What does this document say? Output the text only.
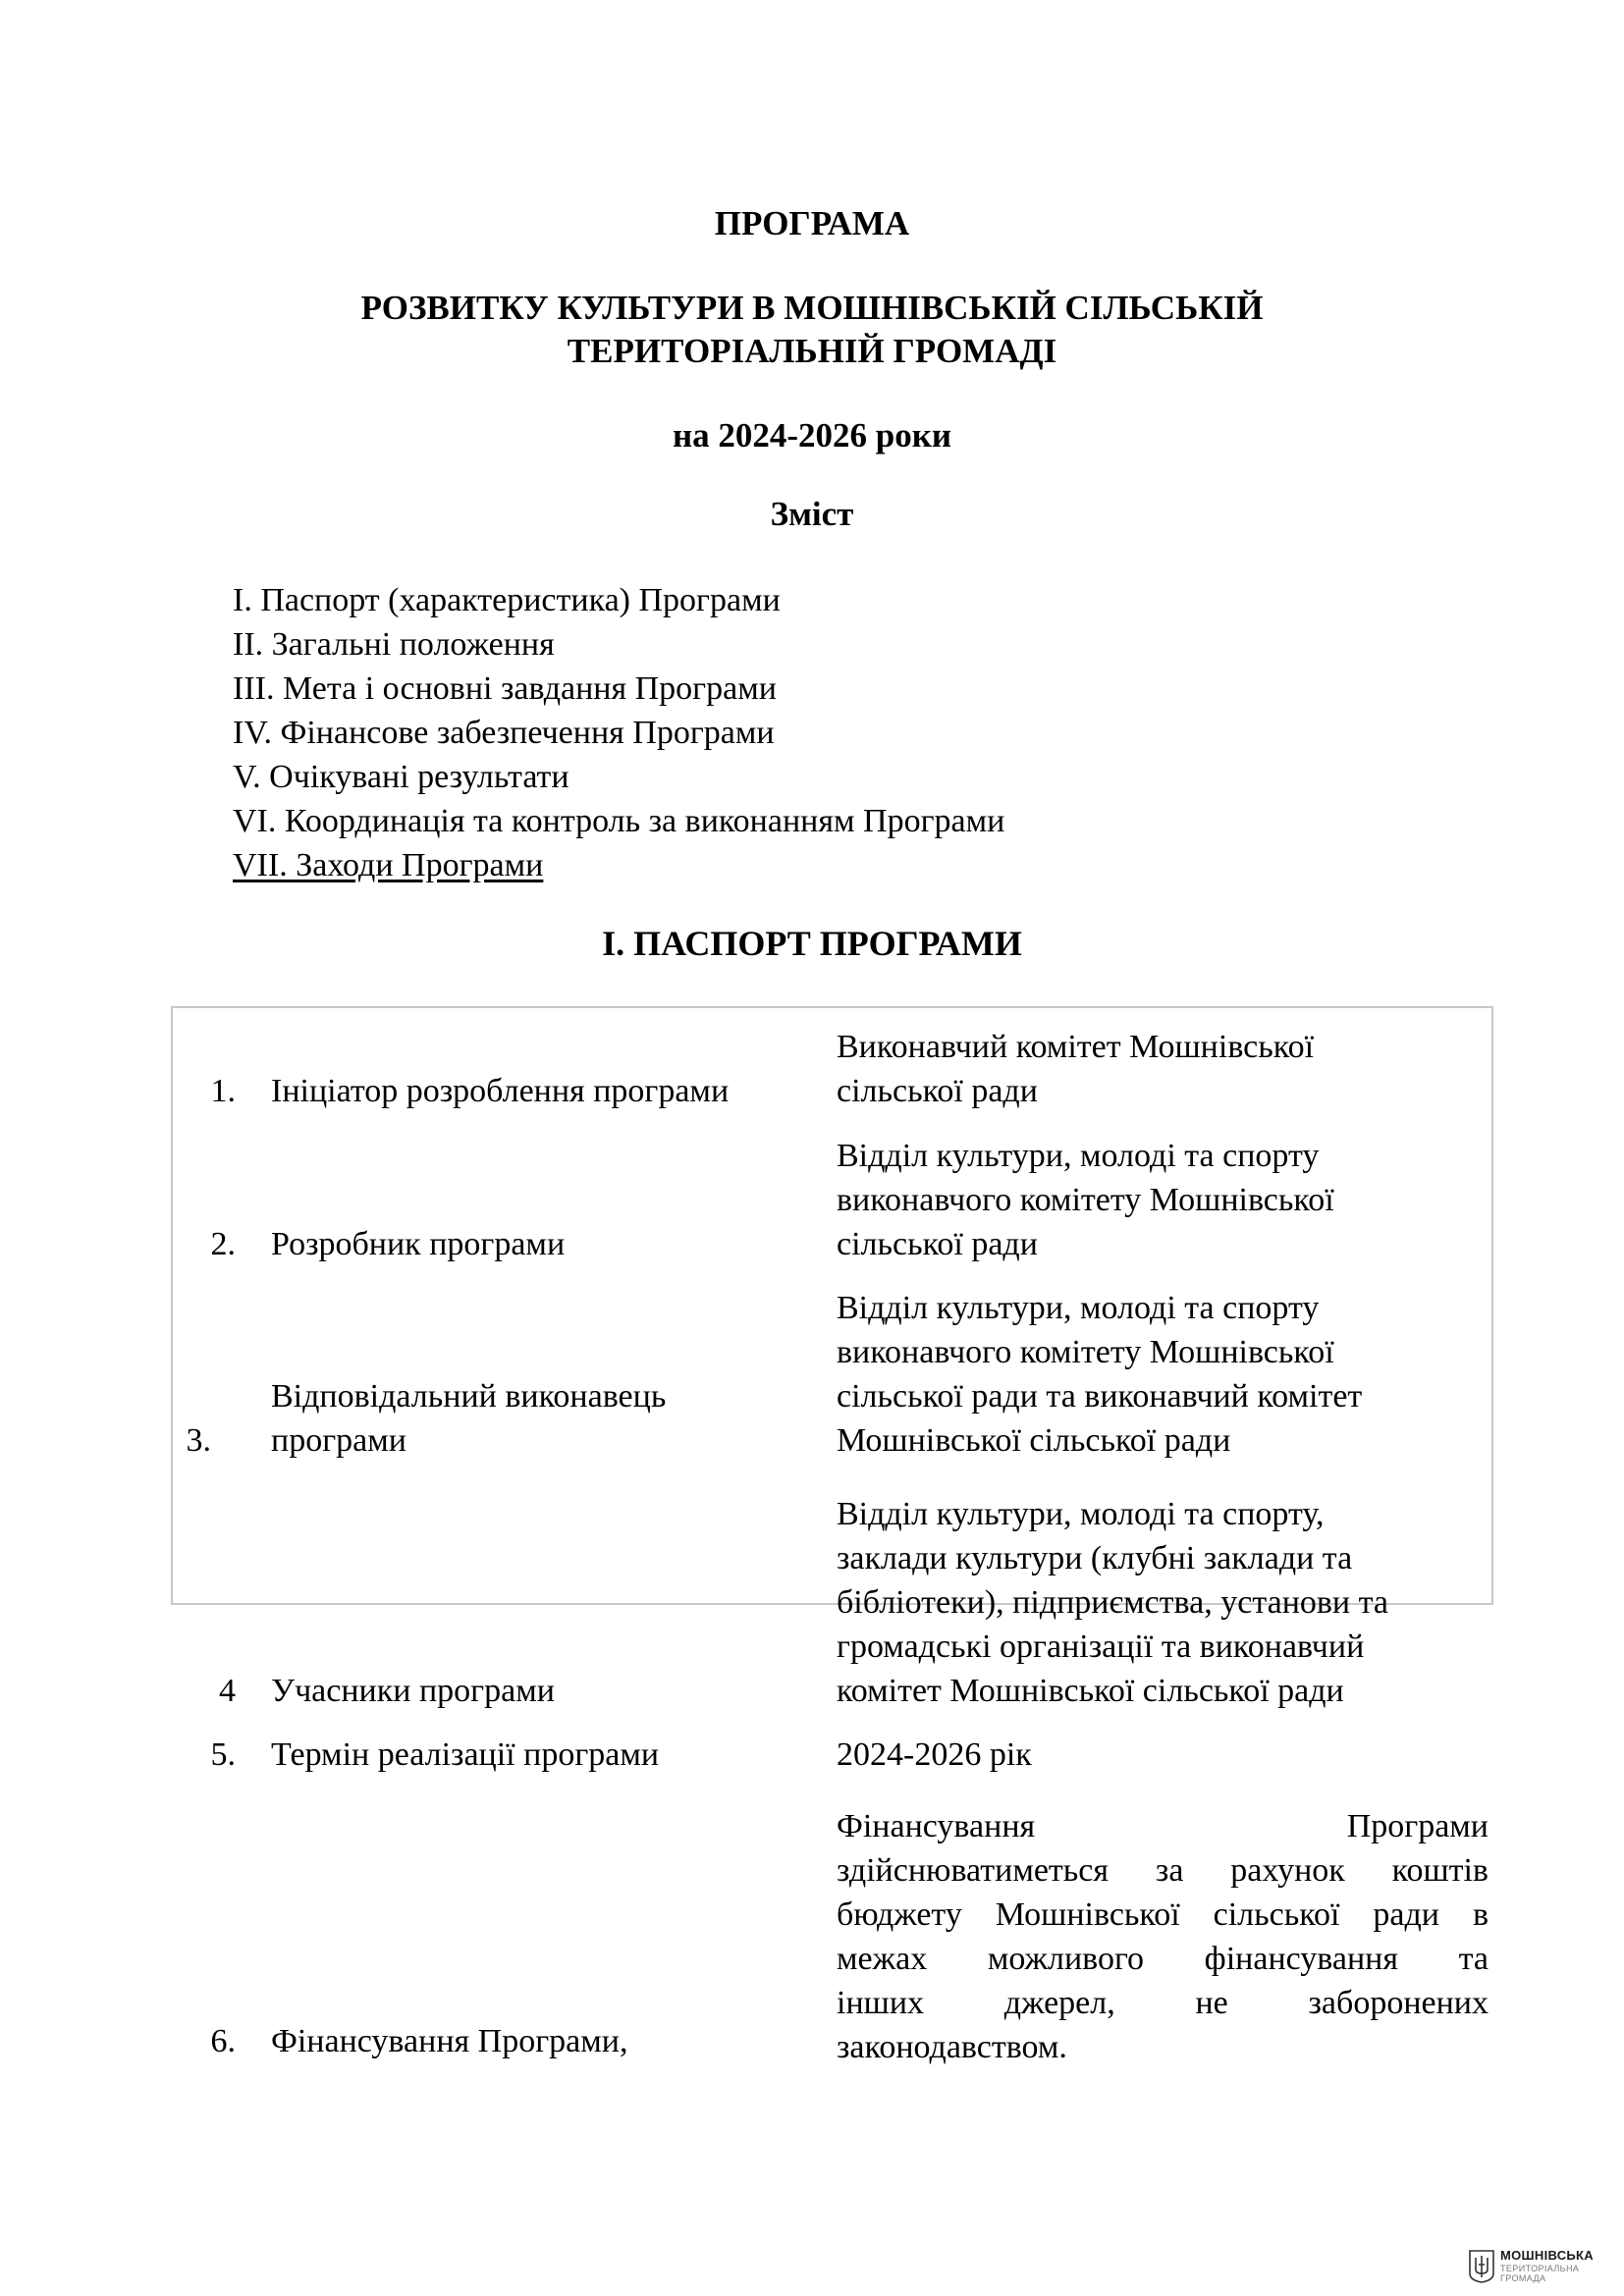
ПРОГРАМА
РОЗВИТКУ КУЛЬТУРИ В МОШНІВСЬКІЙ СІЛЬСЬКІЙ
ТЕРИТОРІАЛЬНІЙ ГРОМАДІ
на 2024-2026 роки
Зміст
І. Паспорт (характеристика) Програми
ІІ. Загальні положення
ІІІ. Мета і основні завдання Програми
IV. Фінансове забезпечення Програми
V. Очікувані результати
VI. Координація та контроль за виконанням Програми
VII. Заходи Програми
І. ПАСПОРТ ПРОГРАМИ
1. Ініціатор розроблення програми
Виконавчий комітет Мошнівської
сільської ради
2. Розробник програми
Відділ культури, молоді та спорту
виконавчого комітету Мошнівської
сільської ради
3.
Відповідальний виконавець
програми
Відділ культури, молоді та спорту
виконавчого комітету Мошнівської
сільської ради та виконавчий комітет
Мошнівської сільської ради
4 Учасники програми
Відділ культури, молоді та спорту,
заклади культури (клубні заклади та
бібліотеки), підприємства, установи та
громадські організації та виконавчий
комітет Мошнівської сільської ради
5. Термін реалізації програми	2024-2026 рік
6. Фінансування Програми,
Фінансування Програми
здійснюватиметься за рахунок коштів
бюджету Мошнівської сільської ради в
межах можливого фінансування та
інших джерел, не заборонених
законодавством.
МОШНІВСЬКА
ТЕРИТОРІАЛЬНА
ГРОМАДА
